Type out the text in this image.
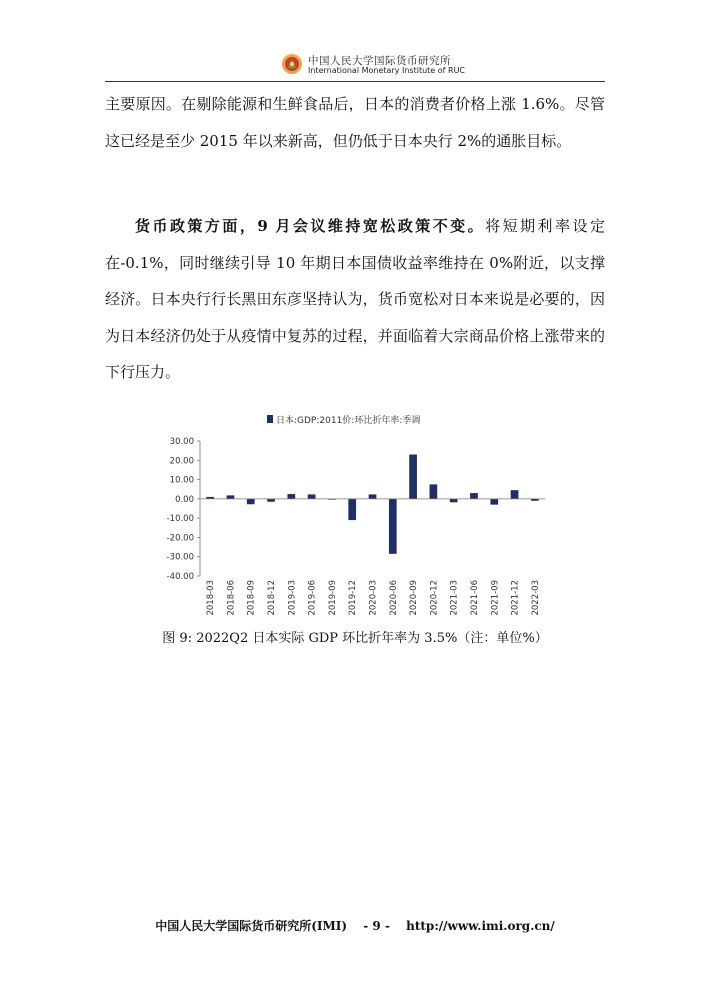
中国人民大学国际货币研究所
International Monetary Institute of RUC

主要原因。在剔除能源和生鲜食品后，日本的消费者价格上涨 1.6%。尽管这已经是至少 2015 年以来新高，但仍低于日本央行 2%的通胀目标。

货币政策方面，9 月会议维持宽松政策不变。将短期利率设定在-0.1%，同时继续引导 10 年期日本国债收益率维持在 0%附近，以支撑经济。日本央行行长黑田东彦坚持认为，货币宽松对日本来说是必要的，因为日本经济仍处于从疫情中复苏的过程，并面临着大宗商品价格上涨带来的下行压力。

日本:GDP:2011价:环比折年率:季调
30.00
20.00
10.00
0.00
-10.00
-20.00
-30.00
-40.00
2018-03 2018-06 2018-09 2018-12 2019-03 2019-06 2019-09 2019-12 2020-03 2020-06 2020-09 2020-12 2021-03 2021-06 2021-09 2021-12 2022-03
图 9: 2022Q2 日本实际 GDP 环比折年率为 3.5%（注：单位%）
中国人民大学国际货币研究所(IMI) - 9 - http://www.imi.org.cn/
